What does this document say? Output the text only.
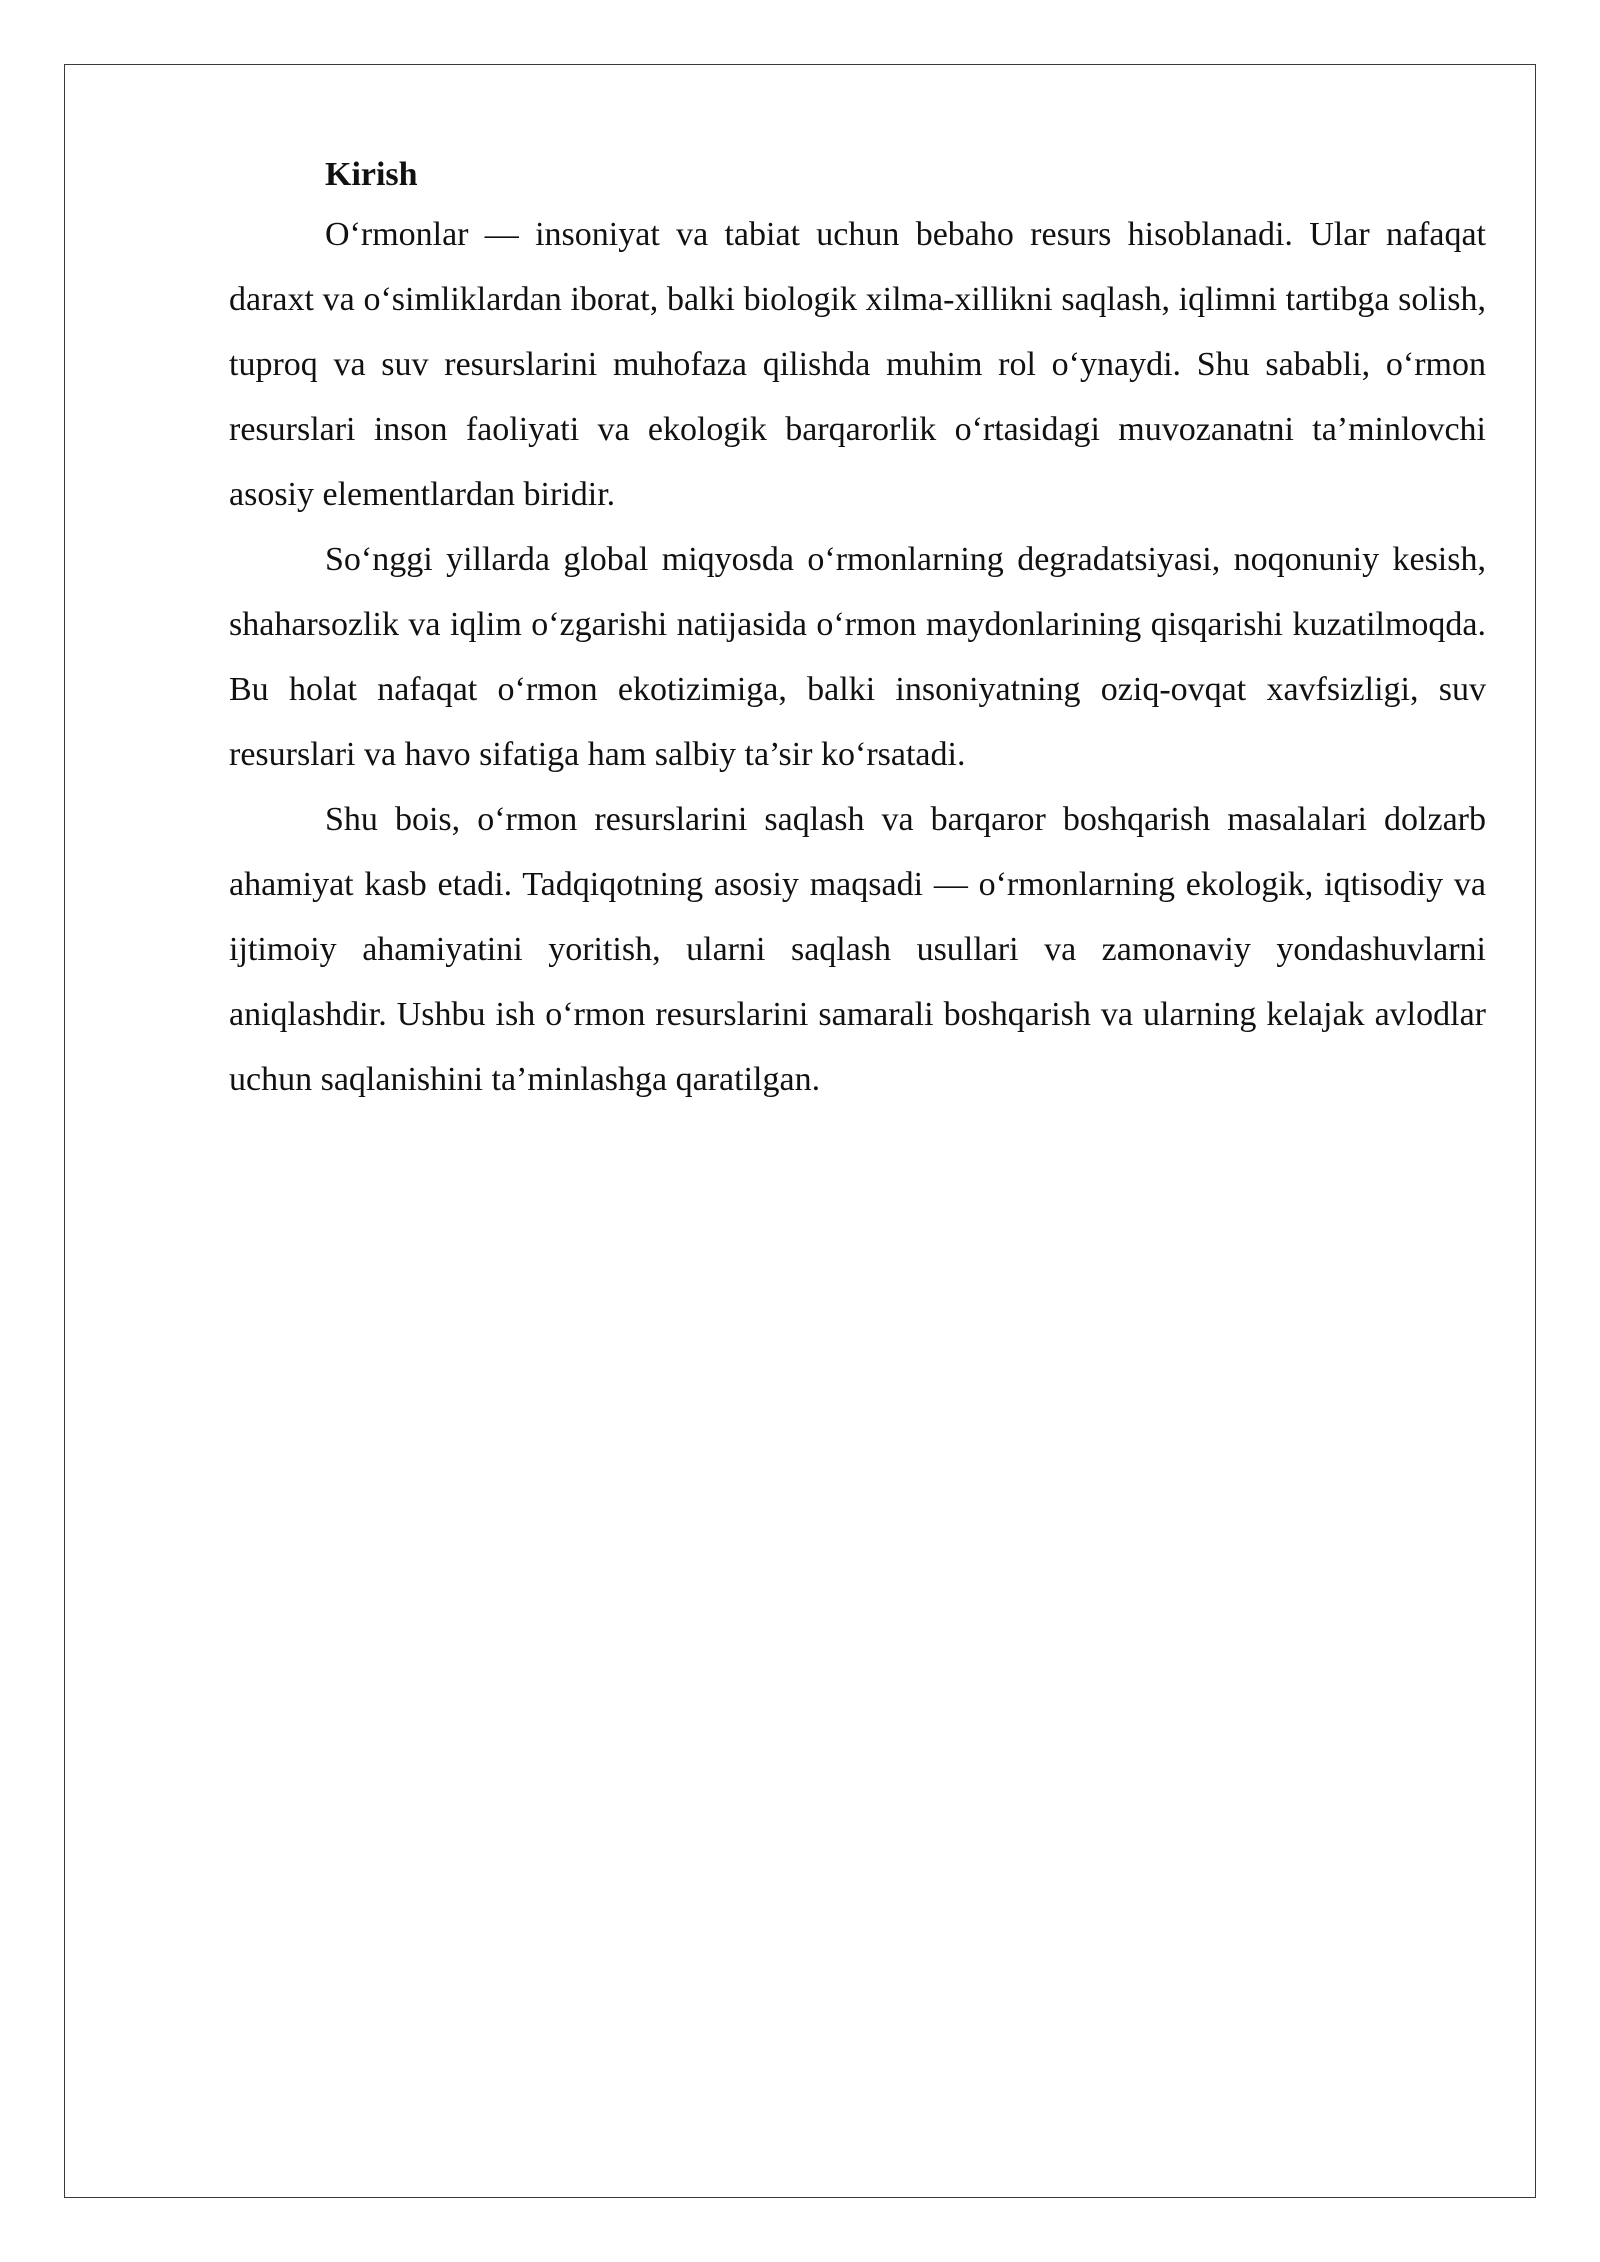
Kirish

O‘rmonlar — insoniyat va tabiat uchun bebaho resurs hisoblanadi. Ular nafaqat daraxt va o‘simliklardan iborat, balki biologik xilma-xillikni saqlash, iqlimni tartibga solish, tuproq va suv resurslarini muhofaza qilishda muhim rol o‘ynaydi. Shu sababli, o‘rmon resurslari inson faoliyati va ekologik barqarorlik o‘rtasidagi muvozanatni ta’minlovchi asosiy elementlardan biridir.

So‘nggi yillarda global miqyosda o‘rmonlarning degradatsiyasi, noqonuniy kesish, shaharsozlik va iqlim o‘zgarishi natijasida o‘rmon maydonlarining qisqarishi kuzatilmoqda. Bu holat nafaqat o‘rmon ekotizimiga, balki insoniyatning oziq-ovqat xavfsizligi, suv resurslari va havo sifatiga ham salbiy ta’sir ko‘rsatadi.

Shu bois, o‘rmon resurslarini saqlash va barqaror boshqarish masalalari dolzarb ahamiyat kasb etadi. Tadqiqotning asosiy maqsadi — o‘rmonlarning ekologik, iqtisodiy va ijtimoiy ahamiyatini yoritish, ularni saqlash usullari va zamonaviy yondashuvlarni aniqlashdir. Ushbu ish o‘rmon resurslarini samarali boshqarish va ularning kelajak avlodlar uchun saqlanishini ta’minlashga qaratilgan.
